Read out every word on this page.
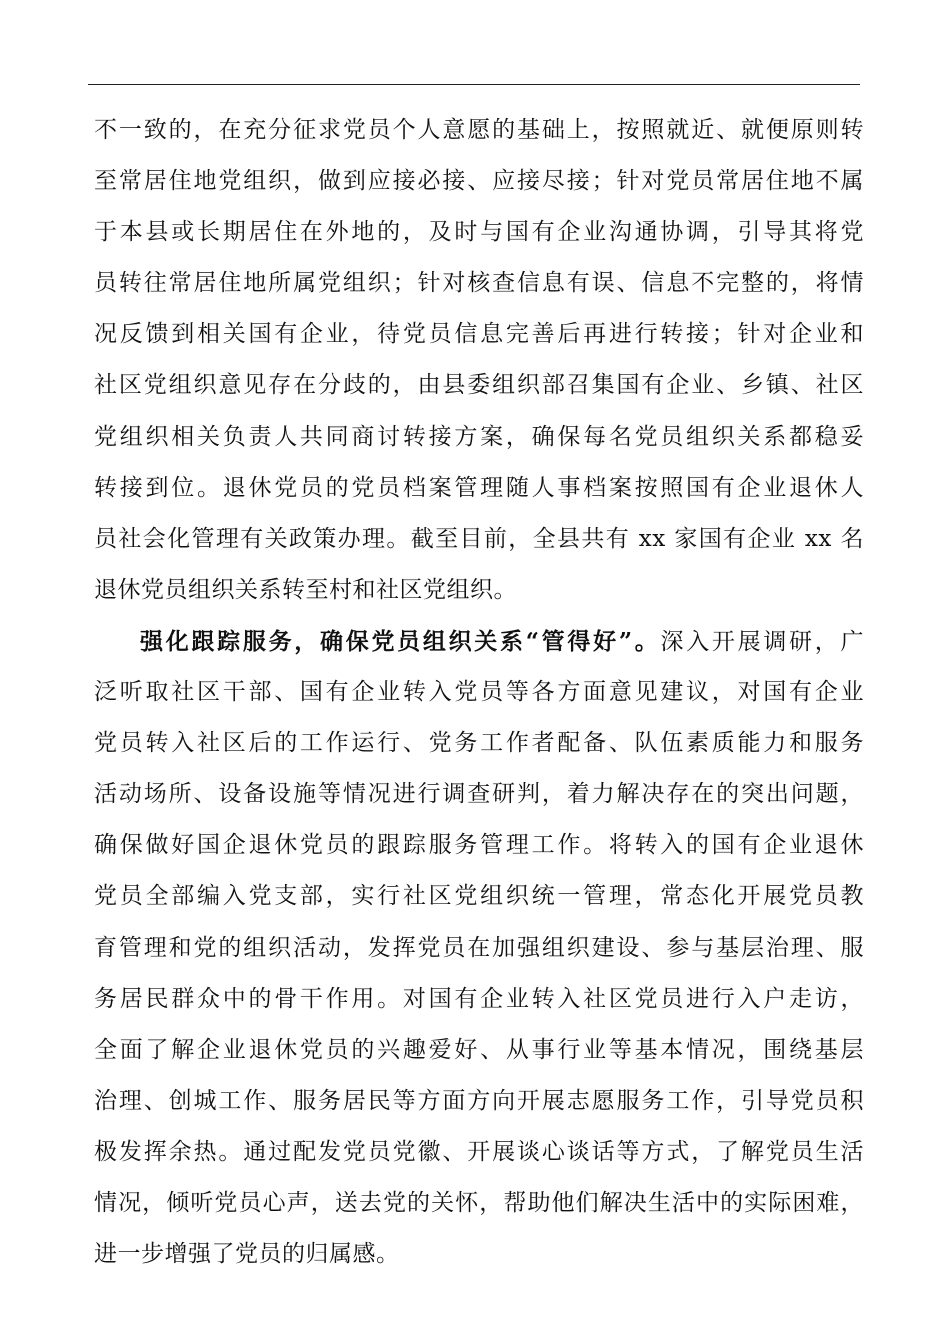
不一致的，在充分征求党员个人意愿的基础上，按照就近、就便原则转
至常居住地党组织，做到应接必接、应接尽接；针对党员常居住地不属
于本县或长期居住在外地的，及时与国有企业沟通协调，引导其将党
员转往常居住地所属党组织；针对核查信息有误、信息不完整的，将情
况反馈到相关国有企业，待党员信息完善后再进行转接；针对企业和
社区党组织意见存在分歧的，由县委组织部召集国有企业、乡镇、社区
党组织相关负责人共同商讨转接方案，确保每名党员组织关系都稳妥
转接到位。退休党员的党员档案管理随人事档案按照国有企业退休人
员社会化管理有关政策办理。截至目前，全县共有 xx 家国有企业 xx 名
退休党员组织关系转至村和社区党组织。
强化跟踪服务，确保党员组织关系“管得好”。深入开展调研，广
泛听取社区干部、国有企业转入党员等各方面意见建议，对国有企业
党员转入社区后的工作运行、党务工作者配备、队伍素质能力和服务
活动场所、设备设施等情况进行调查研判，着力解决存在的突出问题，
确保做好国企退休党员的跟踪服务管理工作。将转入的国有企业退休
党员全部编入党支部，实行社区党组织统一管理，常态化开展党员教
育管理和党的组织活动，发挥党员在加强组织建设、参与基层治理、服
务居民群众中的骨干作用。对国有企业转入社区党员进行入户走访，
全面了解企业退休党员的兴趣爱好、从事行业等基本情况，围绕基层
治理、创城工作、服务居民等方面方向开展志愿服务工作，引导党员积
极发挥余热。通过配发党员党徽、开展谈心谈话等方式，了解党员生活
情况，倾听党员心声，送去党的关怀，帮助他们解决生活中的实际困难，
进一步增强了党员的归属感。
